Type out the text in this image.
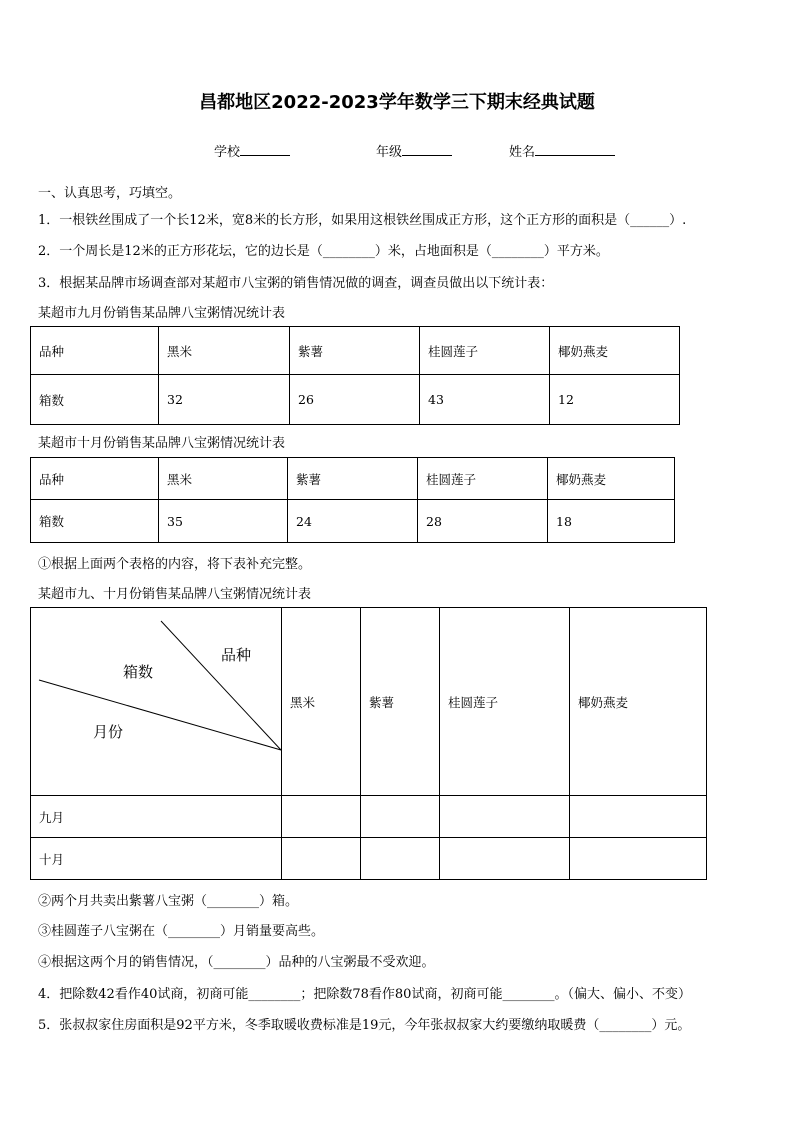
昌都地区2022-2023学年数学三下期末经典试题
学校	年级	姓名
一、认真思考，巧填空。
1．一根铁丝围成了一个长12米，宽8米的长方形，如果用这根铁丝围成正方形，这个正方形的面积是（______）.
2．一个周长是12米的正方形花坛，它的边长是（________）米，占地面积是（________）平方米。
3．根据某品牌市场调查部对某超市八宝粥的销售情况做的调查，调查员做出以下统计表：
某超市九月份销售某品牌八宝粥情况统计表
品种	黑米	紫薯	桂圆莲子	椰奶燕麦
箱数	32	26	43	12
某超市十月份销售某品牌八宝粥情况统计表
品种	黑米	紫薯	桂圆莲子	椰奶燕麦
箱数	35	24	28	18
①根据上面两个表格的内容，将下表补充完整。
某超市九、十月份销售某品牌八宝粥情况统计表
品种
箱数
月份	黑米	紫薯	桂圆莲子	椰奶燕麦
九月				
十月				
②两个月共卖出紫薯八宝粥（________）箱。
③桂圆莲子八宝粥在（________）月销量要高些。
④根据这两个月的销售情况，（________）品种的八宝粥最不受欢迎。
4．把除数42看作40试商，初商可能________；把除数78看作80试商，初商可能________。（偏大、偏小、不变）
5．张叔叔家住房面积是92平方米，冬季取暖收费标准是19元，今年张叔叔家大约要缴纳取暖费（________）元。
